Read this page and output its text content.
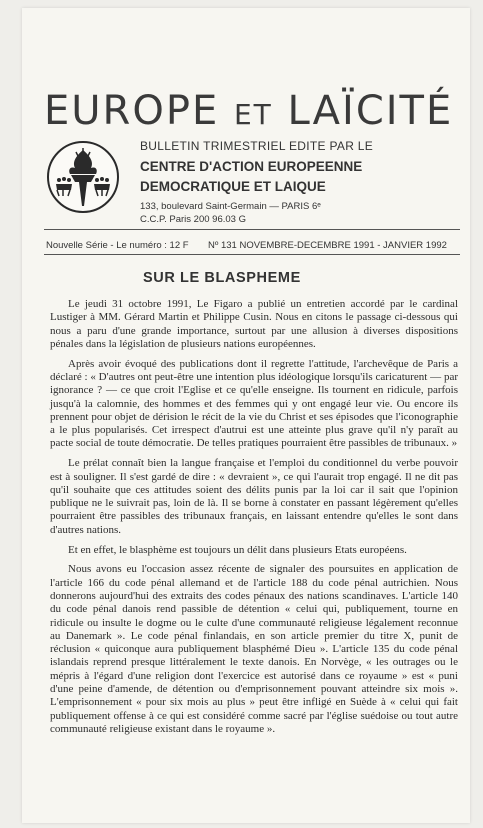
EUROPE ET LAÏCITÉ
BULLETIN TRIMESTRIEL EDITE PAR LE
CENTRE D'ACTION EUROPEENNE
DEMOCRATIQUE ET LAIQUE
133, boulevard Saint-Germain — PARIS 6ᵉ
C.C.P. Paris 200 96.03 G
Nouvelle Série - Le numéro : 12 F Nº 131 NOVEMBRE-DECEMBRE 1991 - JANVIER 1992
SUR LE BLASPHEME

Le jeudi 31 octobre 1991, Le Figaro a publié un entretien accordé par le cardinal Lustiger à MM. Gérard Martin et Philippe Cusin. Nous en citons le passage ci-dessous qui nous a paru d'une grande importance, surtout par une allusion à diverses dispositions pénales dans la législation de plusieurs nations européennes.

Après avoir évoqué des publications dont il regrette l'attitude, l'archevêque de Paris a déclaré : « D'autres ont peut-être une intention plus idéologique lorsqu'ils caricaturent — par ignorance ? — ce que croit l'Eglise et ce qu'elle enseigne. Ils tournent en ridicule, parfois jusqu'à la calomnie, des hommes et des femmes qui y ont engagé leur vie. Ou encore ils prennent pour objet de dérision le récit de la vie du Christ et ses épisodes que l'iconographie a le plus popularisés. Cet irrespect d'autrui est une atteinte plus grave qu'il n'y paraît au pacte social de toute démocratie. De telles pratiques pourraient être passibles de tribunaux. »

Le prélat connaît bien la langue française et l'emploi du conditionnel du verbe pouvoir est à souligner. Il s'est gardé de dire : « devraient », ce qui l'aurait trop engagé. Il ne dit pas qu'il souhaite que ces attitudes soient des délits punis par la loi car il sait que l'opinion publique ne le suivrait pas, loin de là. Il se borne à constater en passant légèrement qu'elles pourraient être passibles des tribunaux français, en laissant entendre qu'elles le sont dans d'autres nations.

Et en effet, le blasphème est toujours un délit dans plusieurs Etats européens.

Nous avons eu l'occasion assez récente de signaler des poursuites en application de l'article 166 du code pénal allemand et de l'article 188 du code pénal autrichien. Nous donnerons aujourd'hui des extraits des codes pénaux des nations scandinaves. L'article 140 du code pénal danois rend passible de détention « celui qui, publiquement, tourne en ridicule ou insulte le dogme ou le culte d'une communauté religieuse légalement reconnue au Danemark ». Le code pénal finlandais, en son article premier du titre X, punit de réclusion « quiconque aura publiquement blasphémé Dieu ». L'article 135 du code pénal islandais reprend presque littéralement le texte danois. En Norvège, « les outrages ou le mépris à l'égard d'une religion dont l'exercice est autorisé dans ce royaume » est « puni d'une peine d'amende, de détention ou d'emprisonnement pouvant atteindre six mois ». L'emprisonnement « pour six mois au plus » peut être infligé en Suède à « celui qui fait publiquement offense à ce qui est considéré comme sacré par l'église suédoise ou tout autre communauté religieuse existant dans le royaume ».
